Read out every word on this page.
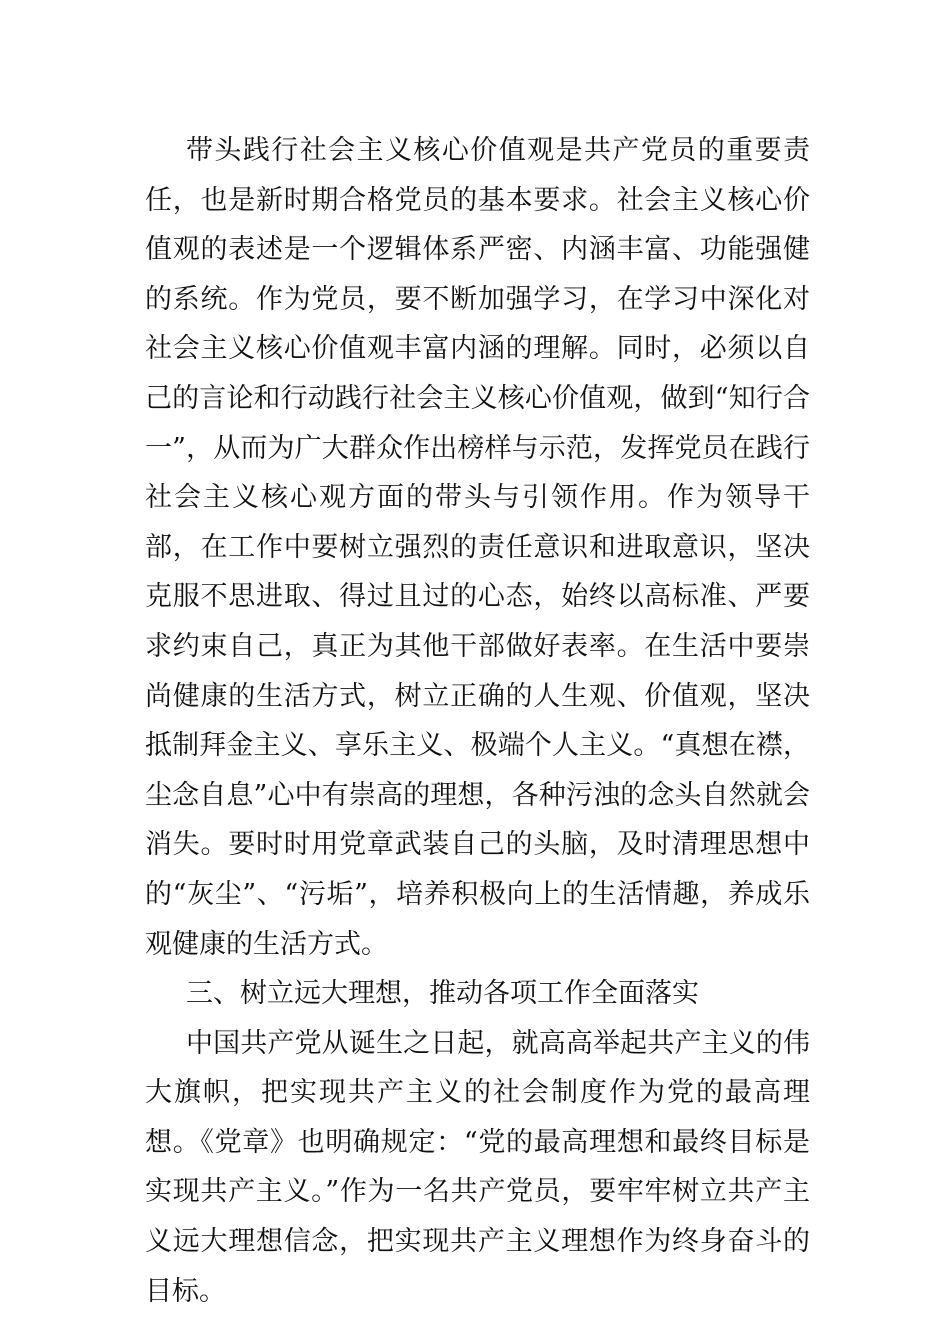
带头践行社会主义核心价值观是共产党员的重要责任，也是新时期合格党员的基本要求。社会主义核心价值观的表述是一个逻辑体系严密、内涵丰富、功能强健的系统。作为党员，要不断加强学习，在学习中深化对社会主义核心价值观丰富内涵的理解。同时，必须以自己的言论和行动践行社会主义核心价值观，做到“知行合一”，从而为广大群众作出榜样与示范，发挥党员在践行社会主义核心观方面的带头与引领作用。作为领导干部，在工作中要树立强烈的责任意识和进取意识，坚决克服不思进取、得过且过的心态，始终以高标准、严要求约束自己，真正为其他干部做好表率。在生活中要崇尚健康的生活方式，树立正确的人生观、价值观，坚决抵制拜金主义、享乐主义、极端个人主义。“真想在襟，尘念自息”心中有崇高的理想，各种污浊的念头自然就会消失。要时时用党章武装自己的头脑，及时清理思想中的“灰尘”、“污垢”，培养积极向上的生活情趣，养成乐观健康的生活方式。

三、树立远大理想，推动各项工作全面落实

中国共产党从诞生之日起，就高高举起共产主义的伟大旗帜，把实现共产主义的社会制度作为党的最高理想。《党章》也明确规定：“党的最高理想和最终目标是实现共产主义。”作为一名共产党员，要牢牢树立共产主义远大理想信念，把实现共产主义理想作为终身奋斗的目标。
